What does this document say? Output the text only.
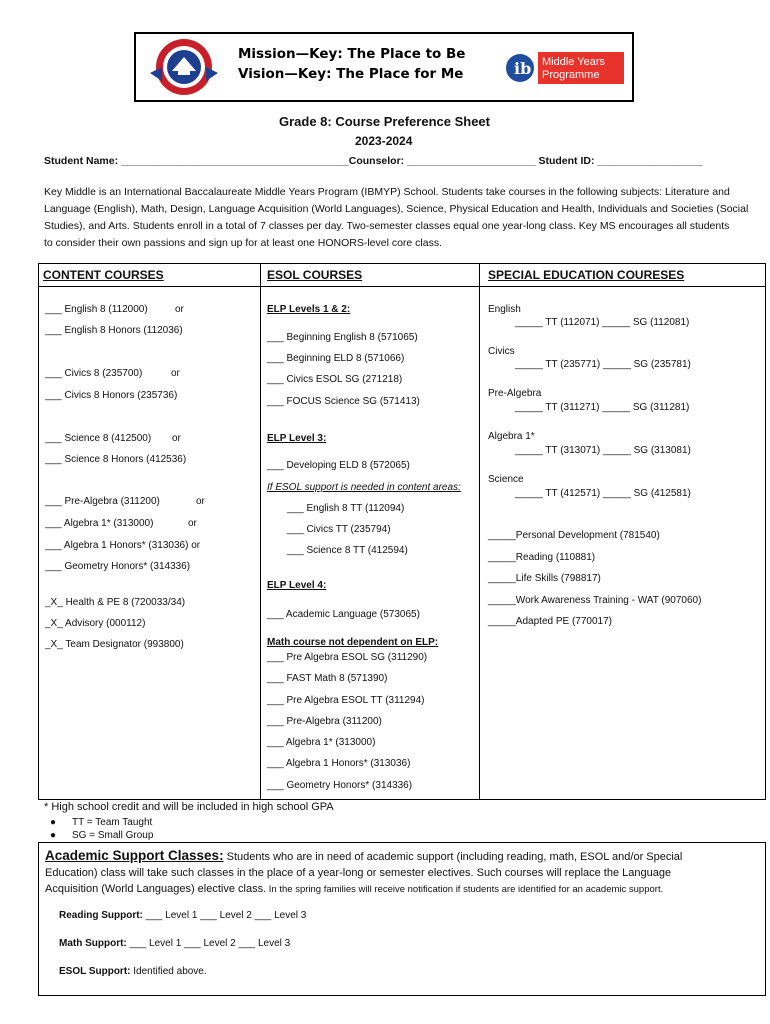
Mission—Key: The Place to Be
Vision—Key: The Place for Me	ib Middle Years
Programme
Grade 8: Course Preference Sheet
2023-2024
Student Name: _______________________________________Counselor: ______________________ Student ID: __________________
Key Middle is an International Baccalaureate Middle Years Program (IBMYP) School. Students take courses in the following subjects: Literature and
Language (English), Math, Design, Language Acquisition (World Languages), Science, Physical Education and Health, Individuals and Societies (Social
Studies), and Arts. Students enroll in a total of 7 classes per day. Two-semester classes equal one year-long class. Key MS encourages all students
to consider their own passions and sign up for at least one HONORS-level core class.
CONTENT COURSES	ESOL COURSES	SPECIAL EDUCATION COURESES
___ English 8 (112000)	or
___ English 8 Honors (112036)
___ Civics 8 (235700)	or
___ Civics 8 Honors (235736)
___ Science 8 (412500) or
___ Science 8 Honors (412536)
___ Pre-Algebra (311200)	or
___ Algebra 1* (313000)	or
___ Algebra 1 Honors* (313036) or
___ Geometry Honors* (314336)
_X_ Health & PE 8 (720033/34)
_X_ Advisory (000112)
_X_ Team Designator (993800)
ELP Levels 1 & 2:
___ Beginning English 8 (571065)
___ Beginning ELD 8 (571066)
___ Civics ESOL SG (271218)
___ FOCUS Science SG (571413)
ELP Level 3:
___ Developing ELD 8 (572065)
If ESOL support is needed in content areas:
___ English 8 TT (112094)
___ Civics TT (235794)
___ Science 8 TT (412594)
ELP Level 4:
___ Academic Language (573065)
Math course not dependent on ELP:
___ Pre Algebra ESOL SG (311290)
___ FAST Math 8 (571390)
___ Pre Algebra ESOL TT (311294)
___ Pre-Algebra (311200)
___ Algebra 1* (313000)
___ Algebra 1 Honors* (313036)
___ Geometry Honors* (314336)
English
_____ TT (112071) _____ SG (112081)
Civics
_____ TT (235771) _____ SG (235781)
Pre-Algebra
_____ TT (311271) _____ SG (311281)
Algebra 1*
_____ TT (313071) _____ SG (313081)
Science
_____ TT (412571) _____ SG (412581)
_____Personal Development (781540)
_____Reading (110881)
_____Life Skills (798817)
_____Work Awareness Training - WAT (907060)
_____Adapted PE (770017)
* High school credit and will be included in high school GPA
● TT = Team Taught
● SG = Small Group
Academic Support Classes: Students who are in need of academic support (including reading, math, ESOL and/or Special
Education) class will take such classes in the place of a year-long or semester electives. Such courses will replace the Language
Acquisition (World Languages) elective class. In the spring families will receive notification if students are identified for an academic support.
Reading Support: ___ Level 1 ___ Level 2 ___ Level 3
Math Support: ___ Level 1 ___ Level 2 ___ Level 3
ESOL Support: Identified above.
